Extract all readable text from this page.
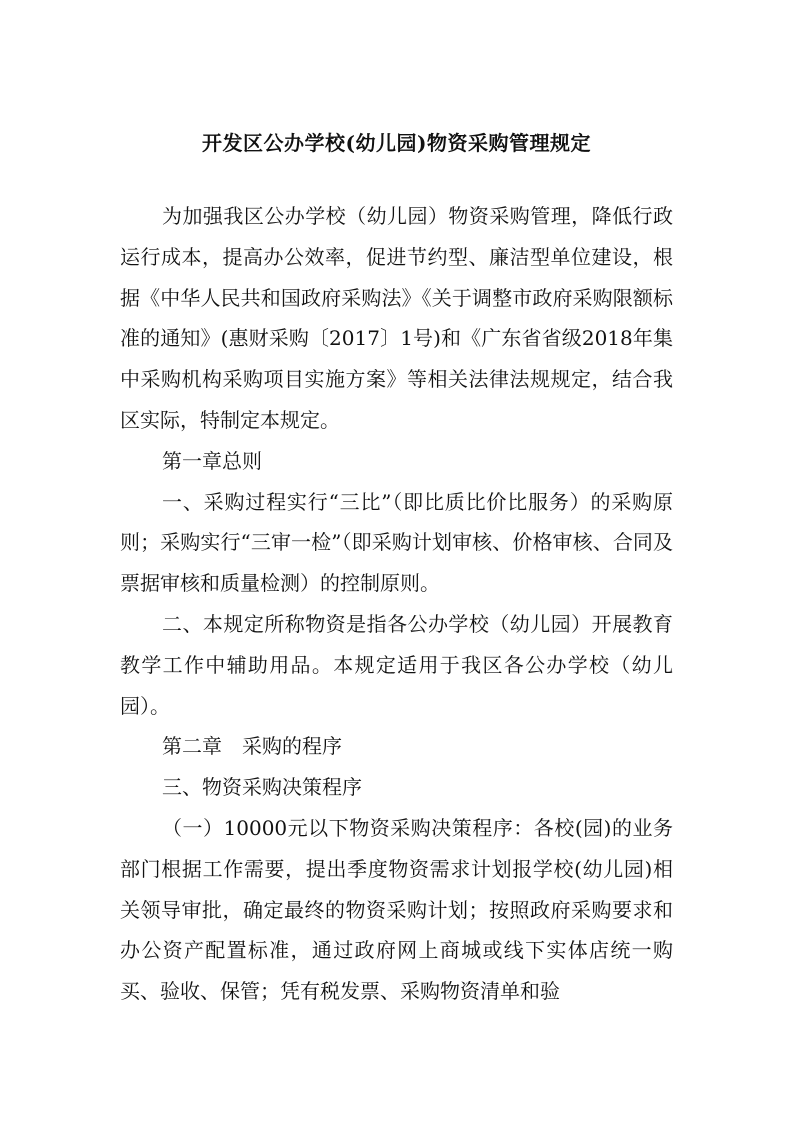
开发区公办学校(幼儿园)物资采购管理规定

为加强我区公办学校（幼儿园）物资采购管理，降低行政运行成本，提高办公效率，促进节约型、廉洁型单位建设，根据《中华人民共和国政府采购法》《关于调整市政府采购限额标准的通知》(惠财采购〔2017〕1号)和《广东省省级2018年集中采购机构采购项目实施方案》等相关法律法规规定，结合我区实际，特制定本规定。

第一章总则

一、采购过程实行“三比”（即比质比价比服务）的采购原则；采购实行“三审一检”（即采购计划审核、价格审核、合同及票据审核和质量检测）的控制原则。

二、本规定所称物资是指各公办学校（幼儿园）开展教育教学工作中辅助用品。本规定适用于我区各公办学校（幼儿园）。

第二章　采购的程序

三、物资采购决策程序

（一）10000元以下物资采购决策程序：各校(园)的业务部门根据工作需要，提出季度物资需求计划报学校(幼儿园)相关领导审批，确定最终的物资采购计划；按照政府采购要求和办公资产配置标准，通过政府网上商城或线下实体店统一购买、验收、保管；凭有税发票、采购物资清单和验
